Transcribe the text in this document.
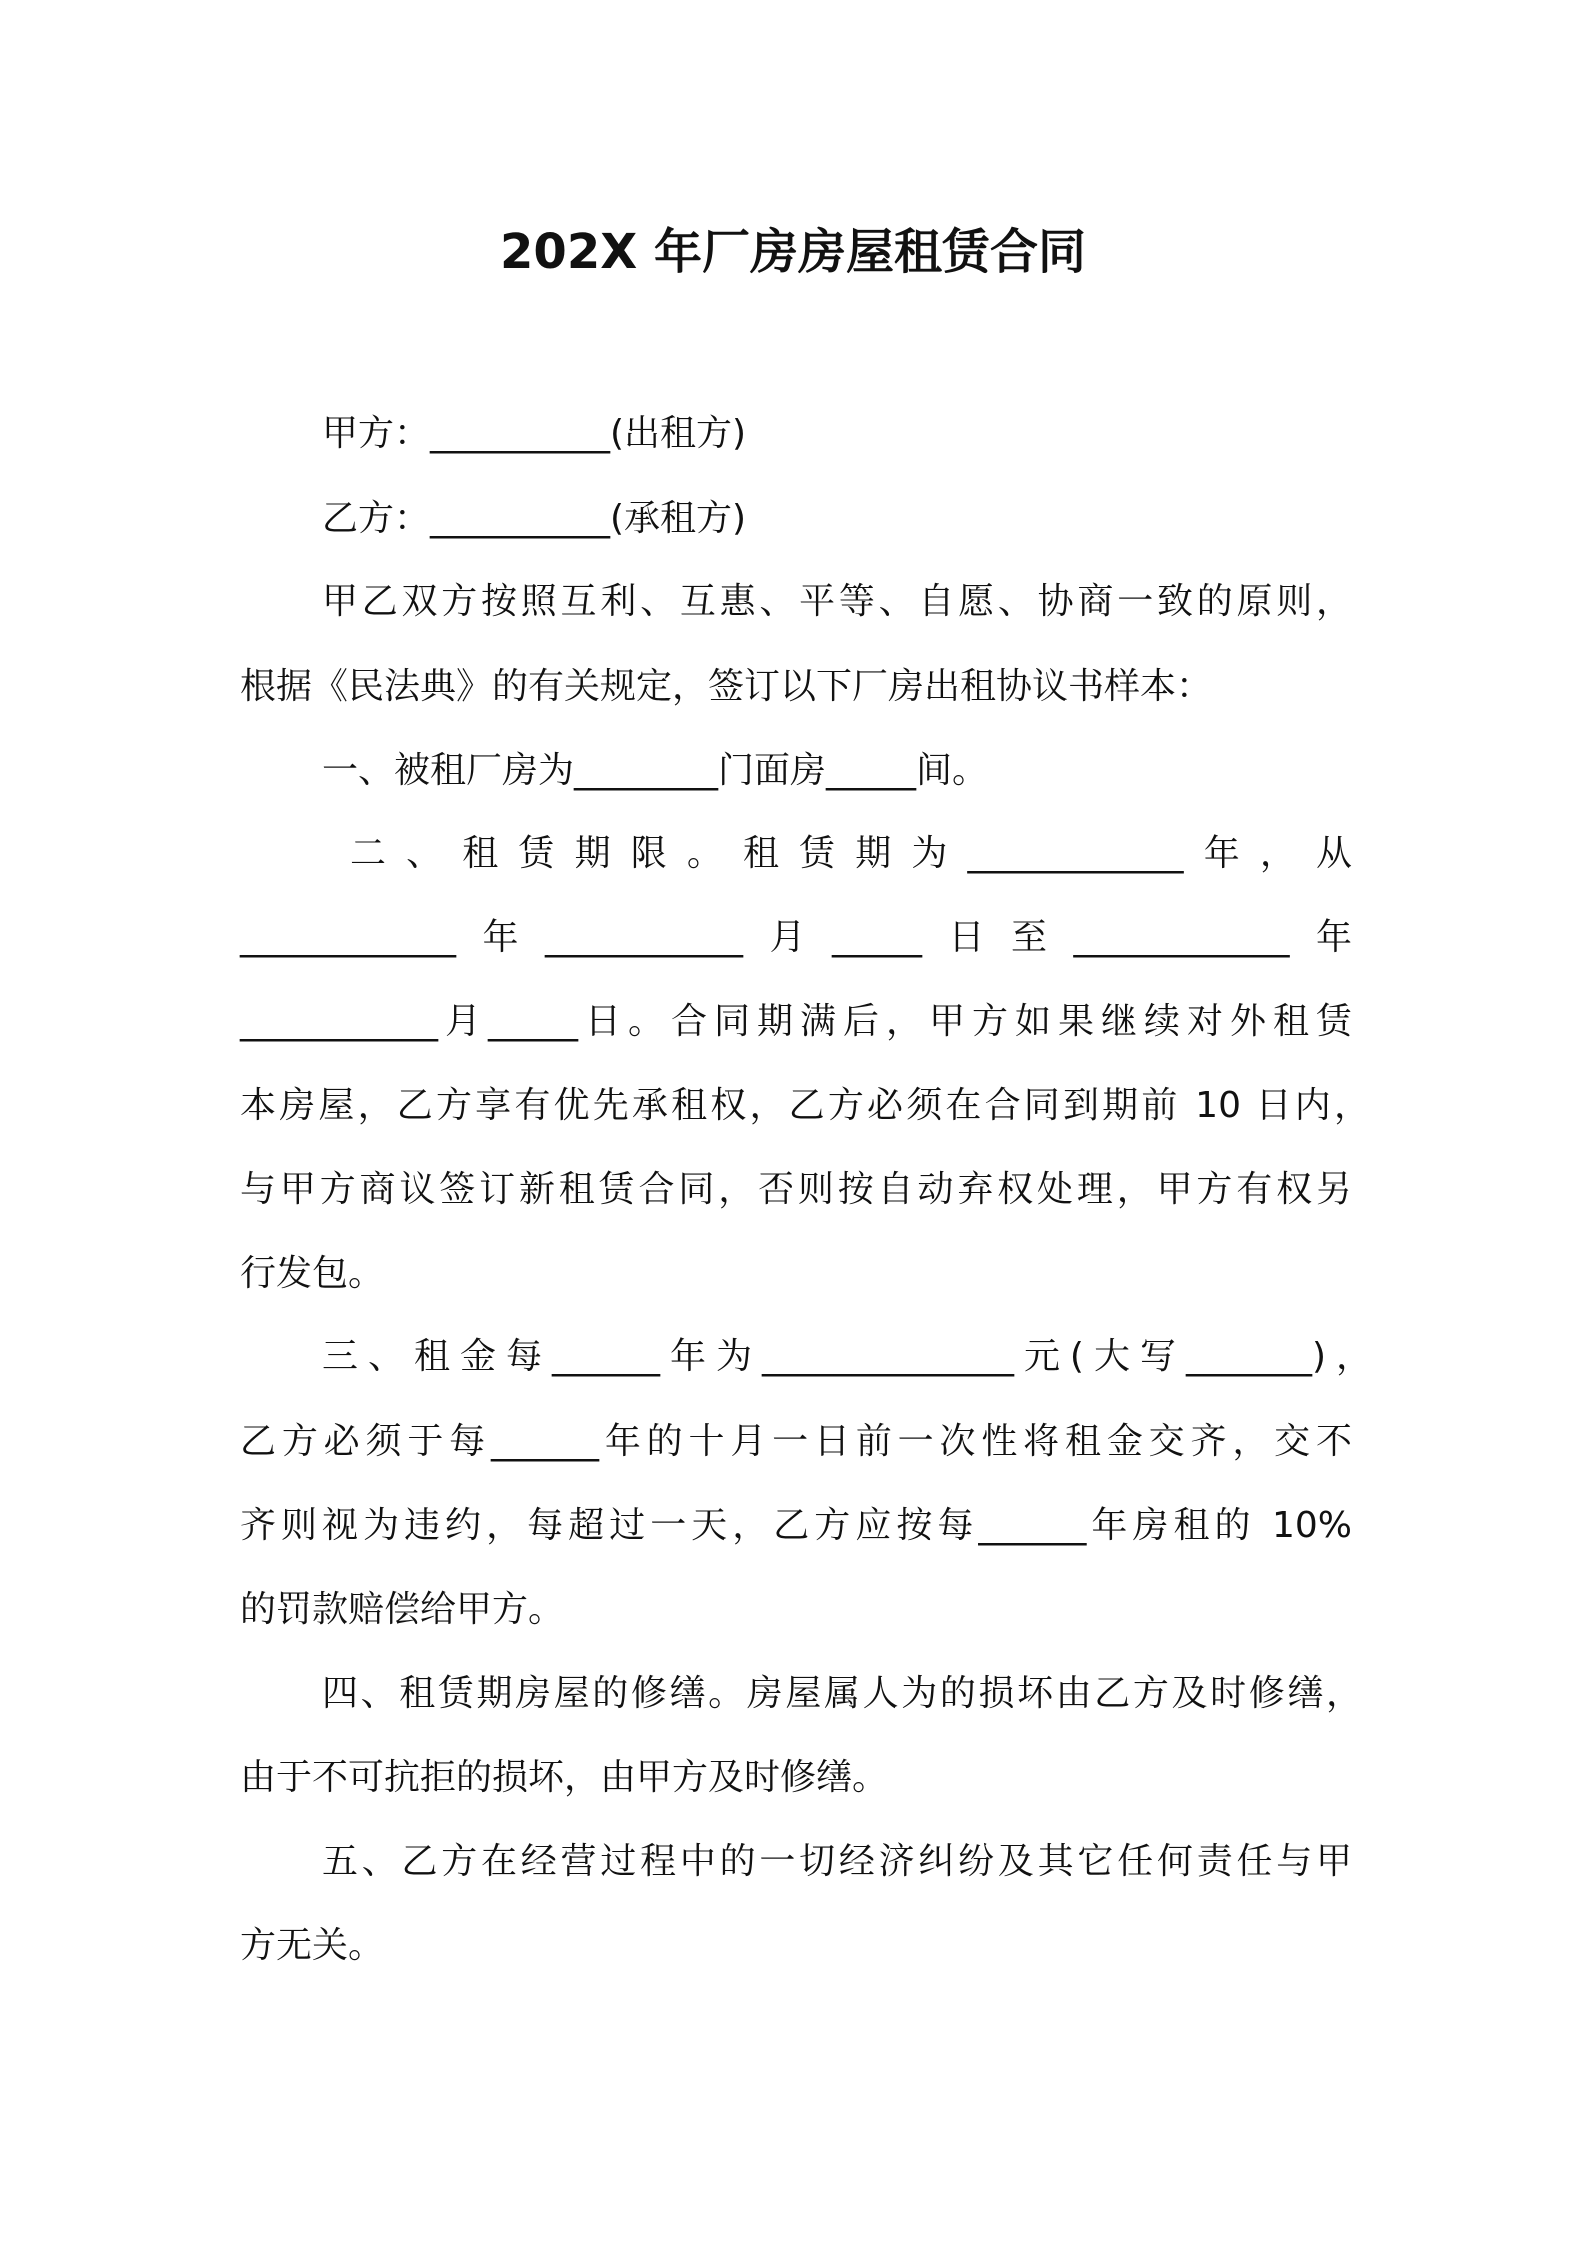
202X 年厂房房屋租赁合同
甲方：__________(出租方)
乙方：__________(承租方)
甲乙双方按照互利、互惠、平等、自愿、协商一致的原则，
根据《民法典》的有关规定，签订以下厂房出租协议书样本：
一、被租厂房为________门面房_____间。
二、租赁期限。租赁期为____________年，从
____________年___________月_____日至____________年
___________月_____日。合同期满后，甲方如果继续对外租赁
本房屋，乙方享有优先承租权，乙方必须在合同到期前 10 日内，
与甲方商议签订新租赁合同，否则按自动弃权处理，甲方有权另
行发包。
三、租金每______年为______________元(大写_______)，
乙方必须于每______年的十月一日前一次性将租金交齐，交不
齐则视为违约，每超过一天，乙方应按每______年房租的 10%
的罚款赔偿给甲方。
四、租赁期房屋的修缮。房屋属人为的损坏由乙方及时修缮，
由于不可抗拒的损坏，由甲方及时修缮。
五、乙方在经营过程中的一切经济纠纷及其它任何责任与甲
方无关。
